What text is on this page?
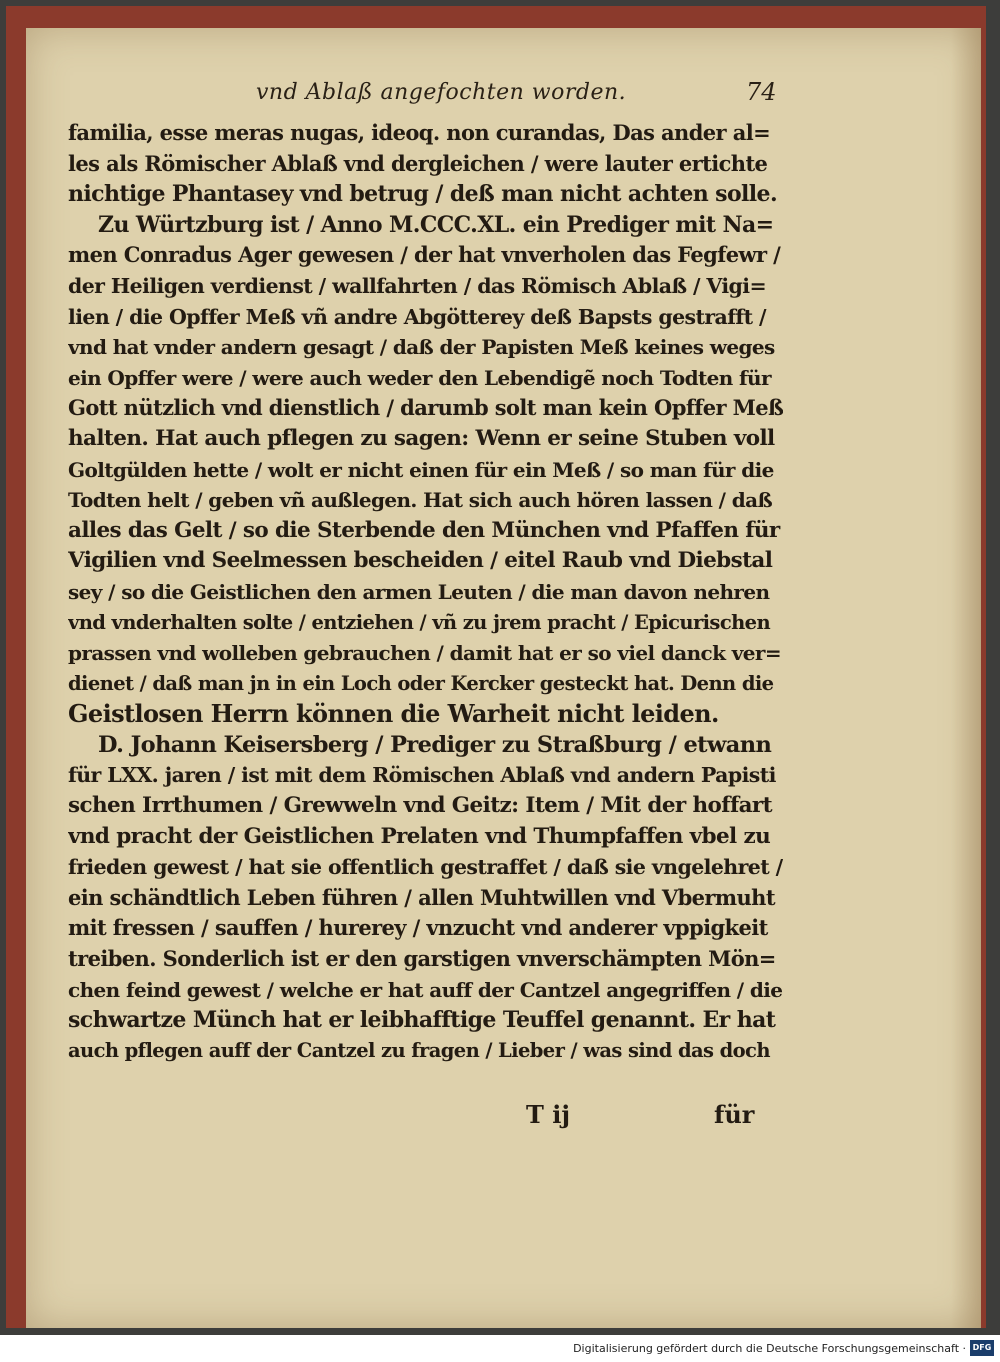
vnd Ablaß angefochten worden.	74
familia, esse meras nugas, ideoq. non curandas, Das ander al=
les als Römischer Ablaß vnd dergleichen / were lauter ertichte
nichtige Phantasey vnd betrug / deß man nicht achten solle.
Zu Würtzburg ist / Anno M.CCC.XL. ein Prediger mit Na=
men Conradus Ager gewesen / der hat vnverholen das Fegfewr /
der Heiligen verdienst / wallfahrten / das Römisch Ablaß / Vigi=
lien / die Opffer Meß vñ andre Abgötterey deß Bapsts gestrafft /
vnd hat vnder andern gesagt / daß der Papisten Meß keines weges
ein Opffer were / were auch weder den Lebendigẽ noch Todten für
Gott nützlich vnd dienstlich / darumb solt man kein Opffer Meß
halten. Hat auch pflegen zu sagen: Wenn er seine Stuben voll
Goltgülden hette / wolt er nicht einen für ein Meß / so man für die
Todten helt / geben vñ außlegen. Hat sich auch hören lassen / daß
alles das Gelt / so die Sterbende den München vnd Pfaffen für
Vigilien vnd Seelmessen bescheiden / eitel Raub vnd Diebstal
sey / so die Geistlichen den armen Leuten / die man davon nehren
vnd vnderhalten solte / entziehen / vñ zu jrem pracht / Epicurischen
prassen vnd wolleben gebrauchen / damit hat er so viel danck ver=
dienet / daß man jn in ein Loch oder Kercker gesteckt hat. Denn die
Geistlosen Herrn können die Warheit nicht leiden.
D. Johann Keisersberg / Prediger zu Straßburg / etwann
für LXX. jaren / ist mit dem Römischen Ablaß vnd andern Papisti
schen Irrthumen / Grewweln vnd Geitz: Item / Mit der hoffart
vnd pracht der Geistlichen Prelaten vnd Thumpfaffen vbel zu
frieden gewest / hat sie offentlich gestraffet / daß sie vngelehret /
ein schändtlich Leben führen / allen Muhtwillen vnd Vbermuht
mit fressen / sauffen / hurerey / vnzucht vnd anderer vppigkeit
treiben. Sonderlich ist er den garstigen vnverschämpten Mön=
chen feind gewest / welche er hat auff der Cantzel angegriffen / die
schwartze Münch hat er leibhafftige Teuffel genannt. Er hat
auch pflegen auff der Cantzel zu fragen / Lieber / was sind das doch
T ij	für
Digitalisierung gefördert durch die Deutsche Forschungsgemeinschaft · DFG
